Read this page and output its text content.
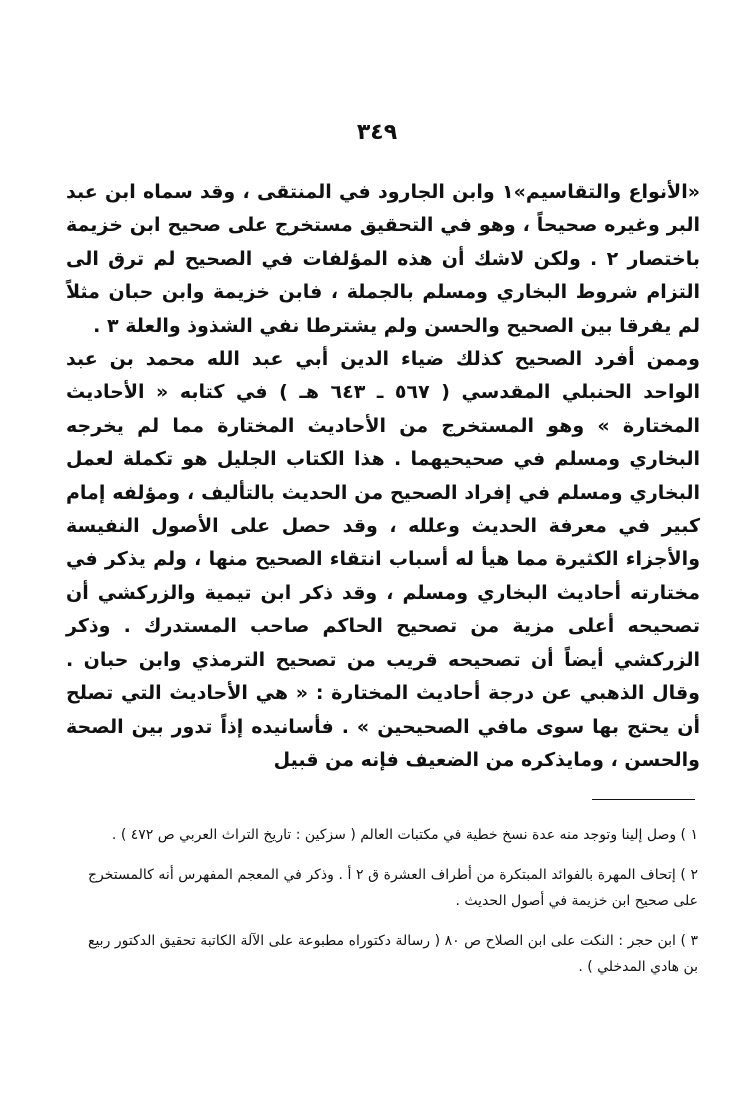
٣٤٩

«الأنواع والتقاسيم»١ وابن الجارود في المنتقى ، وقد سماه ابن عبد البر وغيره صحيحاً ، وهو في التحقيق مستخرج على صحيح ابن خزيمة باختصار ٢ . ولكن لاشك أن هذه المؤلفات في الصحيح لم ترق الى التزام شروط البخاري ومسلم بالجملة ، فابن خزيمة وابن حبان مثلاً لم يفرقا بين الصحيح والحسن ولم يشترطا نفي الشذوذ والعلة ٣ .

وممن أفرد الصحيح كذلك ضياء الدين أبي عبد الله محمد بن عبد الواحد الحنبلي المقدسي ( ٥٦٧ ـ ٦٤٣ هـ ) في كتابه « الأحاديث المختارة » وهو المستخرج من الأحاديث المختارة مما لم يخرجه البخاري ومسلم في صحيحيهما . هذا الكتاب الجليل هو تكملة لعمل البخاري ومسلم في إفراد الصحيح من الحديث بالتأليف ، ومؤلفه إمام كبير في معرفة الحديث وعلله ، وقد حصل على الأصول النفيسة والأجزاء الكثيرة مما هيأ له أسباب انتقاء الصحيح منها ، ولم يذكر في مختارته أحاديث البخاري ومسلم ، وقد ذكر ابن تيمية والزركشي أن تصحيحه أعلى مزية من تصحيح الحاكم صاحب المستدرك . وذكر الزركشي أيضاً أن تصحيحه قريب من تصحيح الترمذي وابن حبان . وقال الذهبي عن درجة أحاديث المختارة : « هي الأحاديث التي تصلح أن يحتج بها سوى مافي الصحيحين » . فأسانيده إذاً تدور بين الصحة والحسن ، ومايذكره من الضعيف فإنه من قبيل

١ ) وصل إلينا وتوجد منه عدة نسخ خطية في مكتبات العالم ( سزكين : تاريخ التراث العربي ص ٤٧٢ ) .

٢ ) إتحاف المهرة بالفوائد المبتكرة من أطراف العشرة ق ٢ أ . وذكر في المعجم المفهرس أنه كالمستخرج على صحيح ابن خزيمة في أصول الحديث .

٣ ) ابن حجر : النكت على ابن الصلاح ص ٨٠ ( رسالة دكتوراه مطبوعة على الآلة الكاتبة تحقيق الدكتور ربيع بن هادي المدخلي ) .
